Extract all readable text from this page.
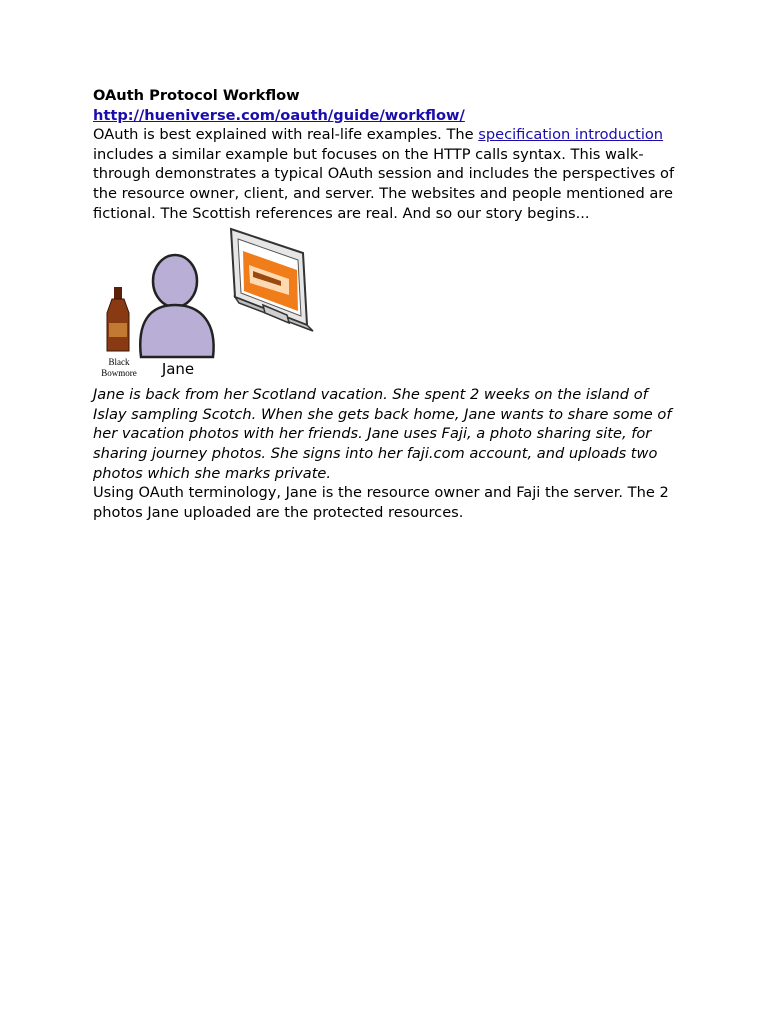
OAuth Protocol Workflow

http://hueniverse.com/oauth/guide/workflow/

OAuth is best explained with real-life examples. The specification introduction includes a similar example but focuses on the HTTP calls syntax. This walk-through demonstrates a typical OAuth session and includes the perspectives of the resource owner, client, and server. The websites and people mentioned are fictional. The Scottish references are real. And so our story begins...

Black
Bowmore Jane

Jane is back from her Scotland vacation. She spent 2 weeks on the island of Islay sampling Scotch. When she gets back home, Jane wants to share some of her vacation photos with her friends. Jane uses Faji, a photo sharing site, for sharing journey photos. She signs into her faji.com account, and uploads two photos which she marks private.

Using OAuth terminology, Jane is the resource owner and Faji the server. The 2 photos Jane uploaded are the protected resources.
